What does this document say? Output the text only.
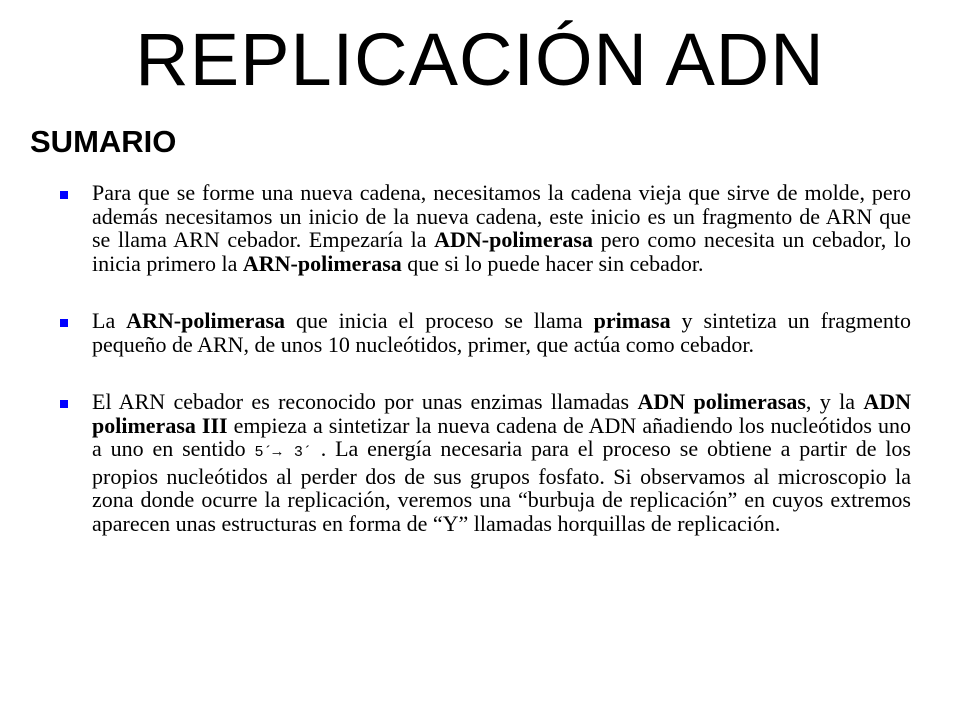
REPLICACIÓN ADN
SUMARIO
Para que se forme una nueva cadena, necesitamos la cadena vieja que sirve de molde, pero además necesitamos un inicio de la nueva cadena, este inicio es un fragmento de ARN que se llama ARN cebador. Empezaría la ADN-polimerasa pero como necesita un cebador, lo inicia primero la ARN-polimerasa que si lo puede hacer sin cebador.
La ARN-polimerasa que inicia el proceso se llama primasa y sintetiza un fragmento pequeño de ARN, de unos 10 nucleótidos, primer, que actúa como cebador.
El ARN cebador es reconocido por unas enzimas llamadas ADN polimerasas, y la ADN polimerasa III empieza a sintetizar la nueva cadena de ADN añadiendo los nucleótidos uno a uno en sentido 5´→ 3´ . La energía necesaria para el proceso se obtiene a partir de los propios nucleótidos al perder dos de sus grupos fosfato. Si observamos al microscopio la zona donde ocurre la replicación, veremos una “burbuja de replicación” en cuyos extremos aparecen unas estructuras en forma de “Y” llamadas horquillas de replicación.
